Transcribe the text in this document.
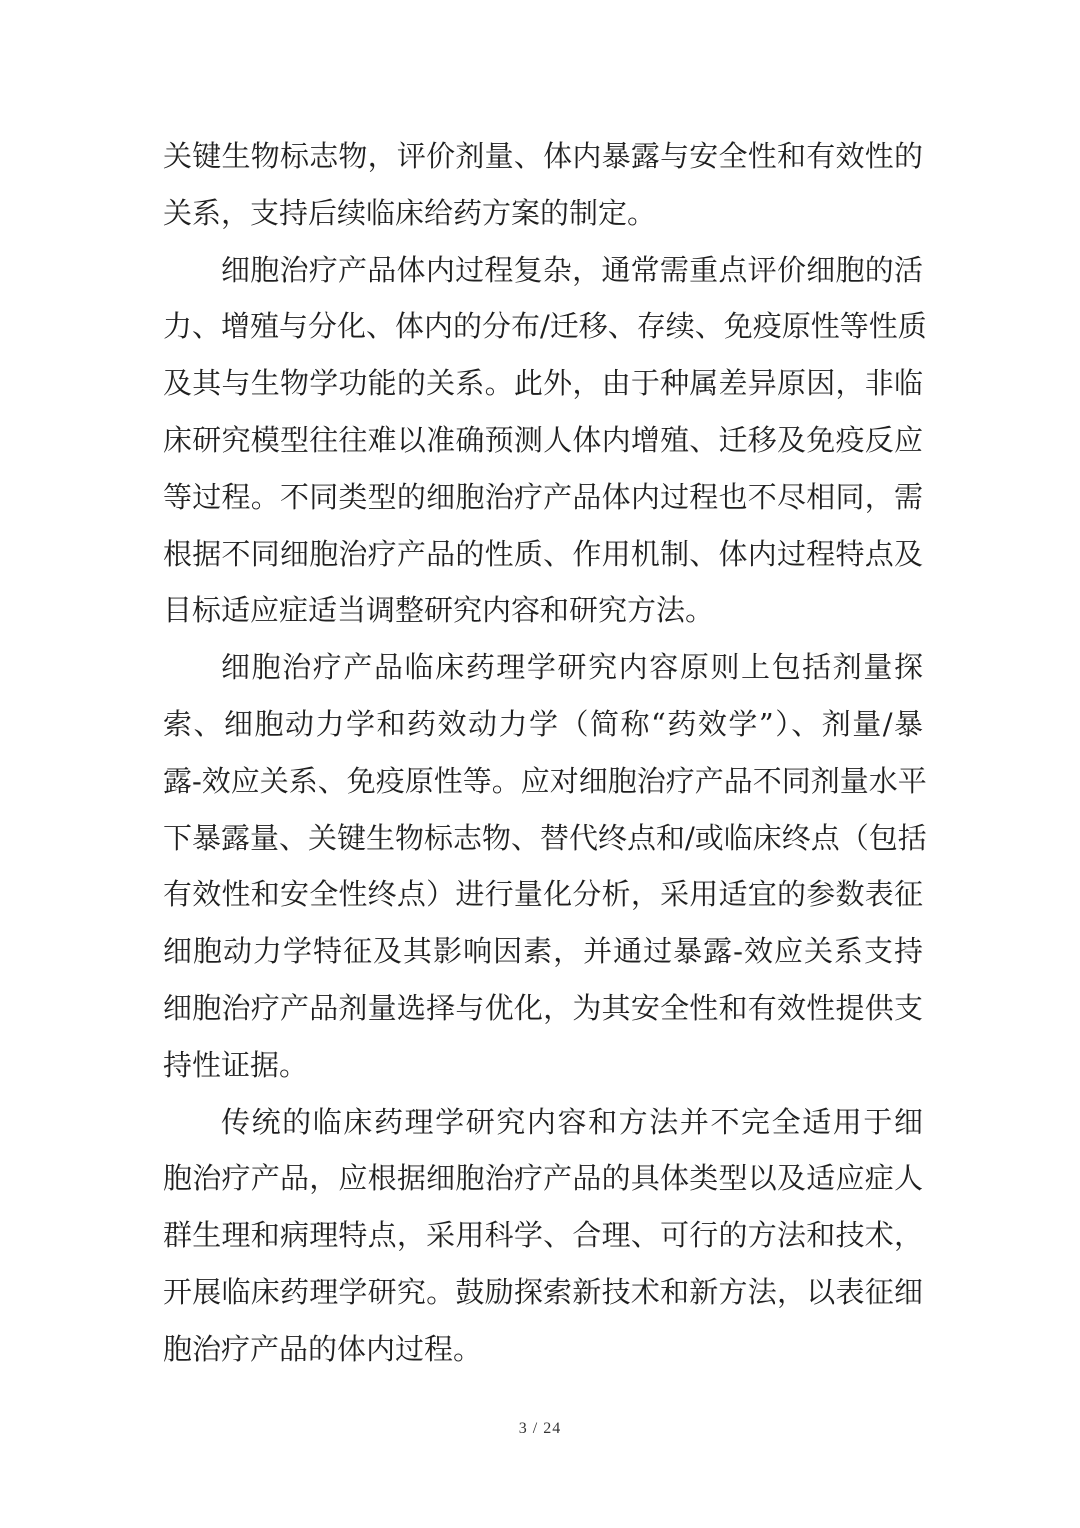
关键生物标志物，评价剂量、体内暴露与安全性和有效性的
关系，支持后续临床给药方案的制定。
细胞治疗产品体内过程复杂，通常需重点评价细胞的活
力、增殖与分化、体内的分布/迁移、存续、免疫原性等性质
及其与生物学功能的关系。此外，由于种属差异原因，非临
床研究模型往往难以准确预测人体内增殖、迁移及免疫反应
等过程。不同类型的细胞治疗产品体内过程也不尽相同，需
根据不同细胞治疗产品的性质、作用机制、体内过程特点及
目标适应症适当调整研究内容和研究方法。
细胞治疗产品临床药理学研究内容原则上包括剂量探
索、细胞动力学和药效动力学（简称“药效学”）、剂量/暴
露-效应关系、免疫原性等。应对细胞治疗产品不同剂量水平
下暴露量、关键生物标志物、替代终点和/或临床终点（包括
有效性和安全性终点）进行量化分析，采用适宜的参数表征
细胞动力学特征及其影响因素，并通过暴露-效应关系支持
细胞治疗产品剂量选择与优化，为其安全性和有效性提供支
持性证据。
传统的临床药理学研究内容和方法并不完全适用于细
胞治疗产品，应根据细胞治疗产品的具体类型以及适应症人
群生理和病理特点，采用科学、合理、可行的方法和技术，
开展临床药理学研究。鼓励探索新技术和新方法，以表征细
胞治疗产品的体内过程。
3 / 24
